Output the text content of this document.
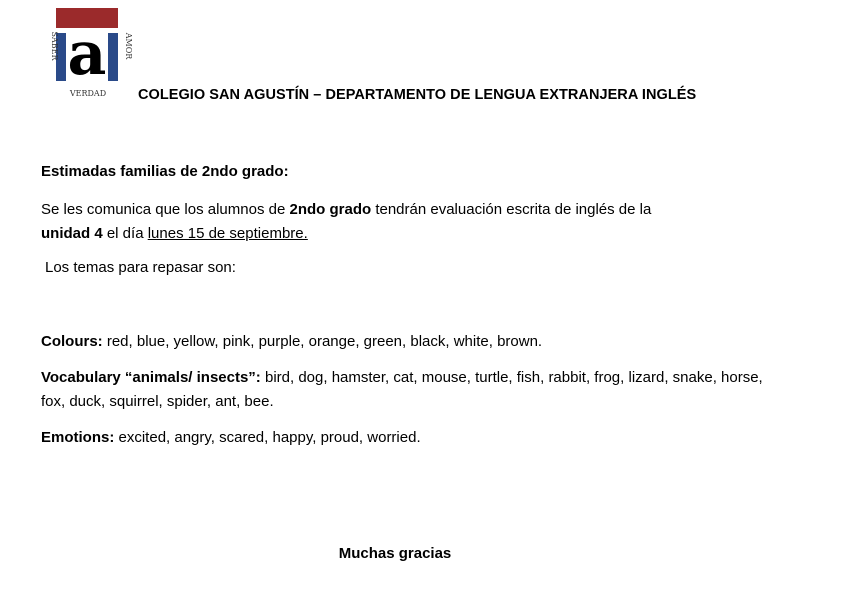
a
SABER	AMOR
VERDAD COLEGIO SAN AGUSTÍN – DEPARTAMENTO DE LENGUA EXTRANJERA INGLÉS

Estimadas familias de 2ndo grado:

Se les comunica que los alumnos de 2ndo grado tendrán evaluación escrita de inglés de la
unidad 4 el día lunes 15 de septiembre.

Los temas para repasar son:

Colours: red, blue, yellow, pink, purple, orange, green, black, white, brown.

Vocabulary “animals/ insects”: bird, dog, hamster, cat, mouse, turtle, fish, rabbit, frog, lizard, snake, horse, fox, duck, squirrel, spider, ant, bee.

Emotions: excited, angry, scared, happy, proud, worried.

Muchas gracias
